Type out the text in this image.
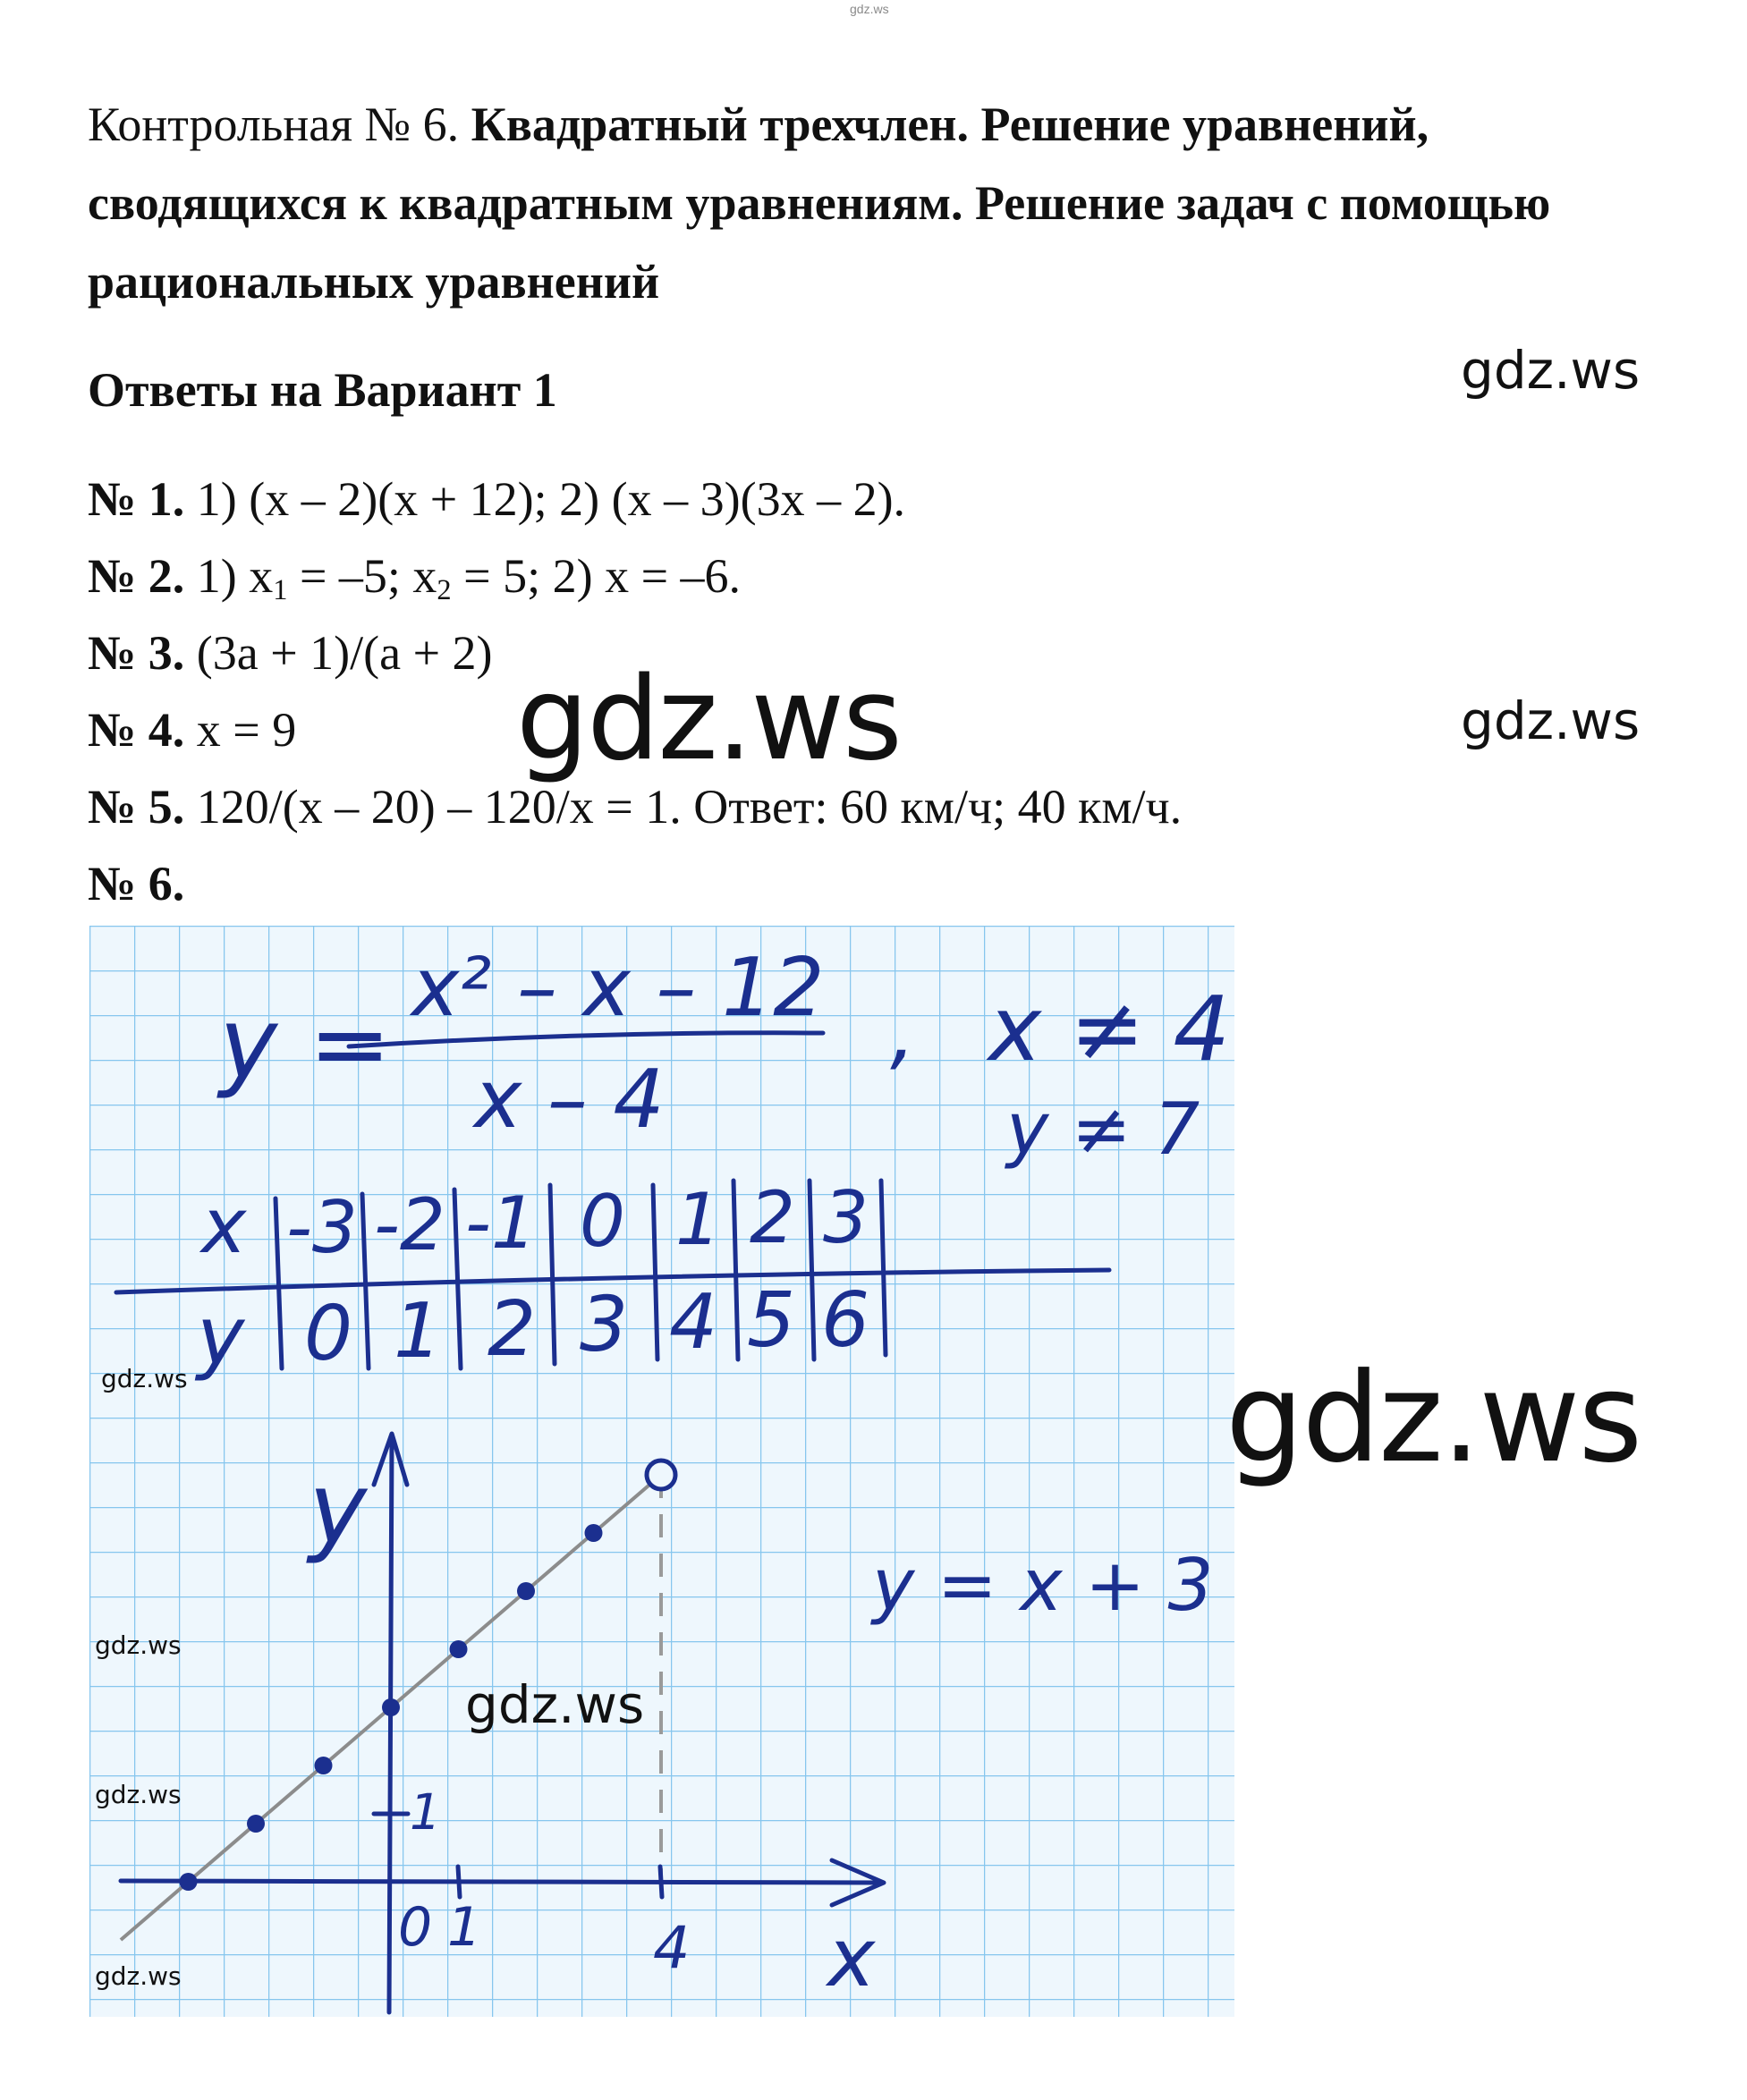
gdz.ws
Контрольная № 6. Квадратный трехчлен. Решение уравнений, сводящихся к квадратным уравнениям. Решение задач с помощью рациональных уравнений
Ответы на Вариант 1
№ 1. 1) (x – 2)(x + 12); 2) (x – 3)(3x – 2).
№ 2. 1) $x_1 = -5$; $x_2 = 5$; 2) x = –6.
№ 3. (3a + 1)/(a + 2)
№ 4. x = 9
№ 5. 120/(x – 20) – 120/x = 1. Ответ: 60 км/ч; 40 км/ч.
№ 6.
y = x² – x – 12
x – 4
, x ≠ 4
y ≠ 7
x
y
-3 -2 -1 0 1 2 3
0 1 2 3 4 5 6
0 1	4
1
x
y
y = x + 3
gdz.ws
gdz.ws
gdz.ws
gdz.ws
gdz.ws
gdz.ws
gdz.ws
gdz.ws
gdz.ws
